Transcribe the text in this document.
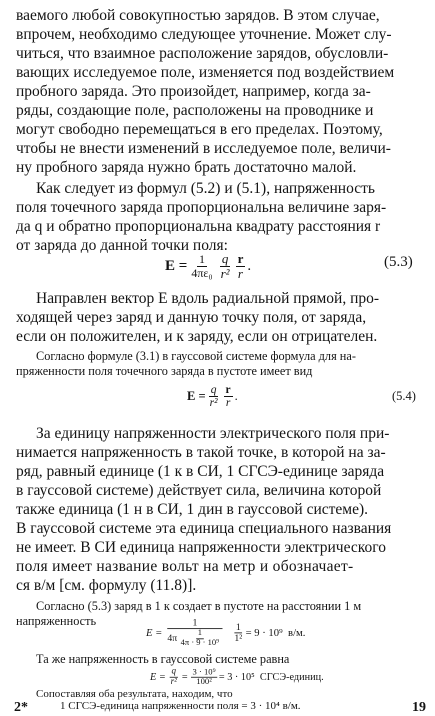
ваемого любой совокупностью зарядов. В этом случае,
впрочем, необходимо следующее уточнение. Может слу-
читься, что взаимное расположение зарядов, обусловли-
вающих исследуемое поле, изменяется под воздействием
пробного заряда. Это произойдет, например, когда за-
ряды, создающие поле, расположены на проводнике и
могут свободно перемещаться в его пределах. Поэтому,
чтобы не внести изменений в исследуемое поле, величи-
ну пробного заряда нужно брать достаточно малой.
Как следует из формул (5.2) и (5.1), напряженность
поля точечного заряда пропорциональна величине заря-
да q и обратно пропорциональна квадрату расстояния r
от заряда до данной точки поля:
$E = \frac{1}{\text{4πε₀}} \frac{q}{\text{r²}} \frac{r}{r}$ .	(5.3)
Направлен вектор E вдоль радиальной прямой, про-
ходящей через заряд и данную точку поля, от заряда,
если он положителен, и к заряду, если он отрицателен.
Согласно формуле (3.1) в гауссовой системе формула для на-
пряженности поля точечного заряда в пустоте имеет вид
$E = \frac{q}{\text{r²}} \frac{r}{r}$ .	(5.4)
За единицу напряженности электрического поля при-
нимается напряженность в такой точке, в которой на за-
ряд, равный единице (1 к в СИ, 1 СГСЭ-единице заряда
в гауссовой системе) действует сила, величина которой
также единица (1 н в СИ, 1 дин в гауссовой системе).
В гауссовой системе эта единица специального названия
не имеет. В СИ единица напряженности электрического
поля имеет название вольт на метр и обозначает-
ся в/м [см. формулу (11.8)].
Согласно (5.3) заряд в 1 к создает в пустоте на расстоянии 1 м
напряженность
$E = \frac{1}{4\pi \frac{1}{\text{4π · 9 · 10⁹}}} \frac{1}{\text{1²}} = 9 \cdot 10^9$  в/м.
Та же напряженность в гауссовой системе равна
2*	19
$E = \frac{q}{\text{r²}} = \frac{\text{3 · 10⁹}}{\text{100²}} = 3 \cdot 10^5$  СГСЭ-единиц.
Сопоставляя оба результата, находим, что
1 СГСЭ-единица напряженности поля = 3 · 10⁴ в/м.
